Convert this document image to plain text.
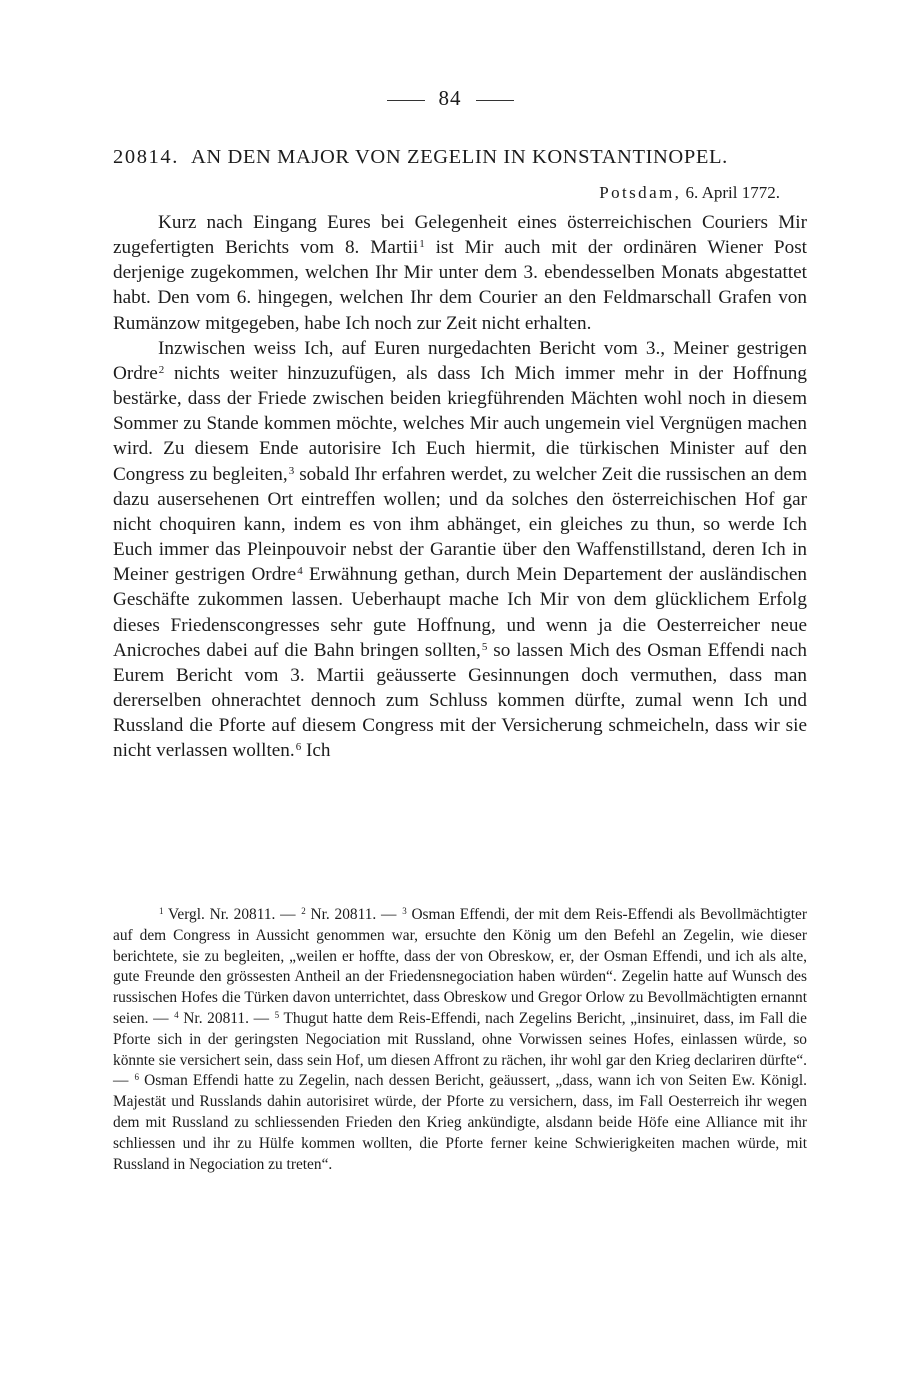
84
20814. AN DEN MAJOR VON ZEGELIN IN KONSTANTINOPEL.
Potsdam, 6. April 1772.

Kurz nach Eingang Eures bei Gelegenheit eines österreichischen Couriers Mir zugefertigten Berichts vom 8. Martii$^1$ ist Mir auch mit der ordinären Wiener Post derjenige zugekommen, welchen Ihr Mir unter dem 3. ebendesselben Monats abgestattet habt. Den vom 6. hingegen, welchen Ihr dem Courier an den Feldmarschall Grafen von Rumänzow mitgegeben, habe Ich noch zur Zeit nicht erhalten.

Inzwischen weiss Ich, auf Euren nurgedachten Bericht vom 3., Meiner gestrigen Ordre$^2$ nichts weiter hinzuzufügen, als dass Ich Mich immer mehr in der Hoffnung bestärke, dass der Friede zwischen beiden kriegführenden Mächten wohl noch in diesem Sommer zu Stande kommen möchte, welches Mir auch ungemein viel Vergnügen machen wird. Zu diesem Ende autorisire Ich Euch hiermit, die türkischen Minister auf den Congress zu begleiten,$^3$ sobald Ihr erfahren werdet, zu welcher Zeit die russischen an dem dazu ausersehenen Ort eintreffen wollen; und da solches den österreichischen Hof gar nicht choquiren kann, indem es von ihm abhänget, ein gleiches zu thun, so werde Ich Euch immer das Pleinpouvoir nebst der Garantie über den Waffenstillstand, deren Ich in Meiner gestrigen Ordre$^4$ Erwähnung gethan, durch Mein Departement der ausländischen Geschäfte zukommen lassen. Ueberhaupt mache Ich Mir von dem glücklichem Erfolg dieses Friedenscongresses sehr gute Hoffnung, und wenn ja die Oesterreicher neue Anicroches dabei auf die Bahn bringen sollten,$^5$ so lassen Mich des Osman Effendi nach Eurem Bericht vom 3. Martii geäusserte Gesinnungen doch vermuthen, dass man dererselben ohnerachtet dennoch zum Schluss kommen dürfte, zumal wenn Ich und Russland die Pforte auf diesem Congress mit der Versicherung schmeicheln, dass wir sie nicht verlassen wollten.$^6$ Ich

$^1$ Vergl. Nr. 20811. — $^2$ Nr. 20811. — $^3$ Osman Effendi, der mit dem Reis-Effendi als Bevollmächtigter auf dem Congress in Aussicht genommen war, ersuchte den König um den Befehl an Zegelin, wie dieser berichtete, sie zu begleiten, „weilen er hoffte, dass der von Obreskow, er, der Osman Effendi, und ich als alte, gute Freunde den grössesten Antheil an der Friedensnegociation haben würden“. Zegelin hatte auf Wunsch des russischen Hofes die Türken davon unterrichtet, dass Obreskow und Gregor Orlow zu Bevollmächtigten ernannt seien. — $^4$ Nr. 20811. — $^5$ Thugut hatte dem Reis-Effendi, nach Zegelins Bericht, „insinuiret, dass, im Fall die Pforte sich in der geringsten Negociation mit Russland, ohne Vorwissen seines Hofes, einlassen würde, so könnte sie versichert sein, dass sein Hof, um diesen Affront zu rächen, ihr wohl gar den Krieg declariren dürfte“. — $^6$ Osman Effendi hatte zu Zegelin, nach dessen Bericht, geäussert, „dass, wann ich von Seiten Ew. Königl. Majestät und Russlands dahin autorisiret würde, der Pforte zu versichern, dass, im Fall Oesterreich ihr wegen dem mit Russland zu schliessenden Frieden den Krieg ankündigte, alsdann beide Höfe eine Alliance mit ihr schliessen und ihr zu Hülfe kommen wollten, die Pforte ferner keine Schwierigkeiten machen würde, mit Russland in Negociation zu treten“.
